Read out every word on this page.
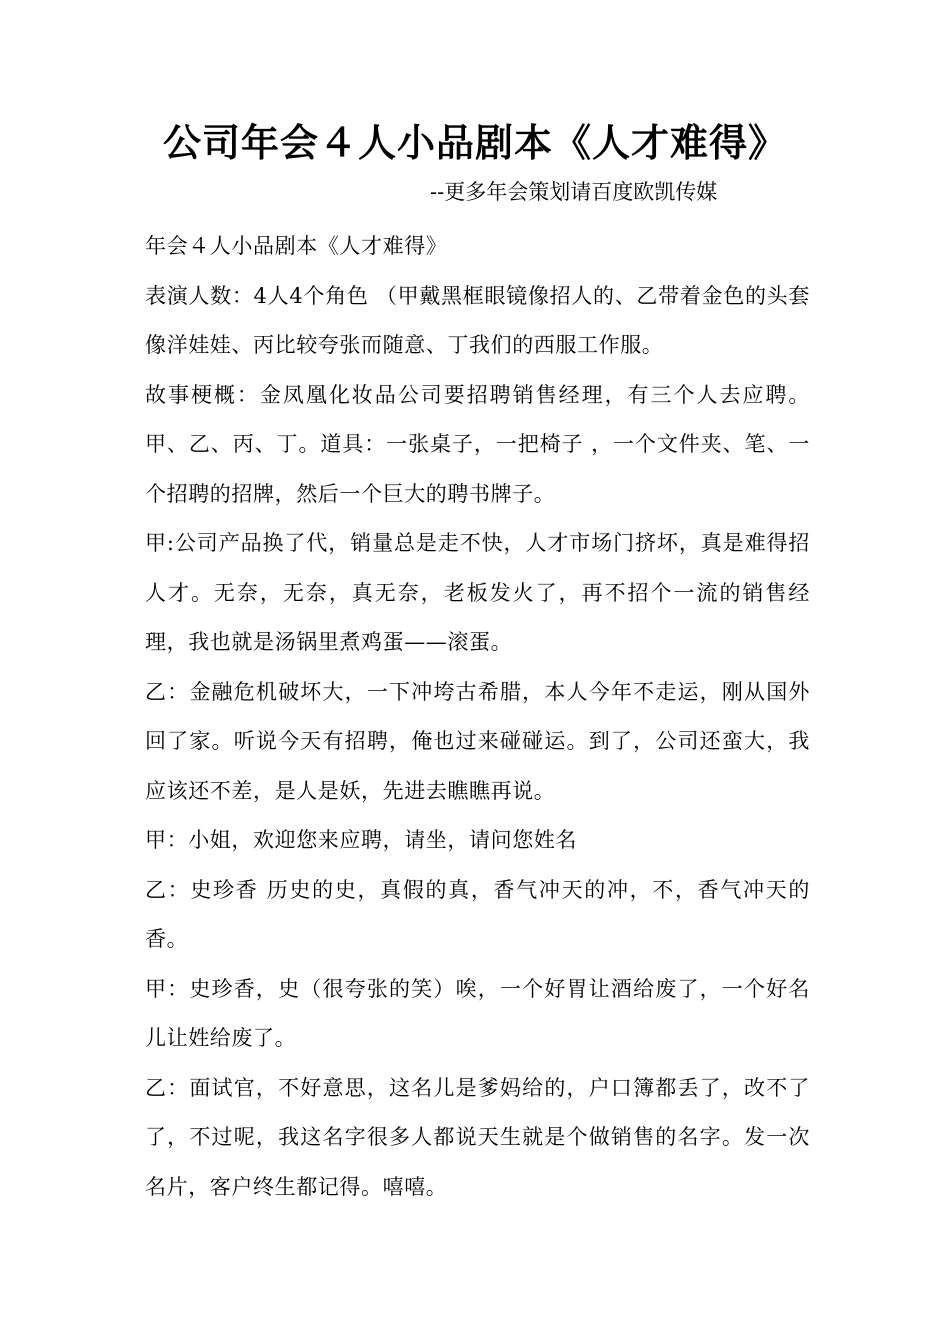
公司年会４人小品剧本《人才难得》
--更多年会策划请百度欧凯传媒

年会４人小品剧本《人才难得》

表演人数：4人4个角色 （甲戴黑框眼镜像招人的、乙带着金色的头套像洋娃娃、丙比较夸张而随意、丁我们的西服工作服。

故事梗概：金凤凰化妆品公司要招聘销售经理，有三个人去应聘。甲、乙、丙、丁。道具：一张桌子，一把椅子 ，一个文件夹、笔、一个招聘的招牌，然后一个巨大的聘书牌子。

甲:公司产品换了代，销量总是走不快，人才市场门挤坏，真是难得招人才。无奈，无奈，真无奈，老板发火了，再不招个一流的销售经理，我也就是汤锅里煮鸡蛋——滚蛋。

乙：金融危机破坏大，一下冲垮古希腊，本人今年不走运，刚从国外回了家。听说今天有招聘，俺也过来碰碰运。到了，公司还蛮大，我应该还不差，是人是妖，先进去瞧瞧再说。

甲：小姐，欢迎您来应聘，请坐，请问您姓名

乙：史珍香 历史的史，真假的真，香气冲天的冲，不，香气冲天的香。

甲：史珍香，史（很夸张的笑）唉，一个好胃让酒给废了，一个好名儿让姓给废了。

乙：面试官，不好意思，这名儿是爹妈给的，户口簿都丢了，改不了了，不过呢，我这名字很多人都说天生就是个做销售的名字。发一次名片，客户终生都记得。嘻嘻。
